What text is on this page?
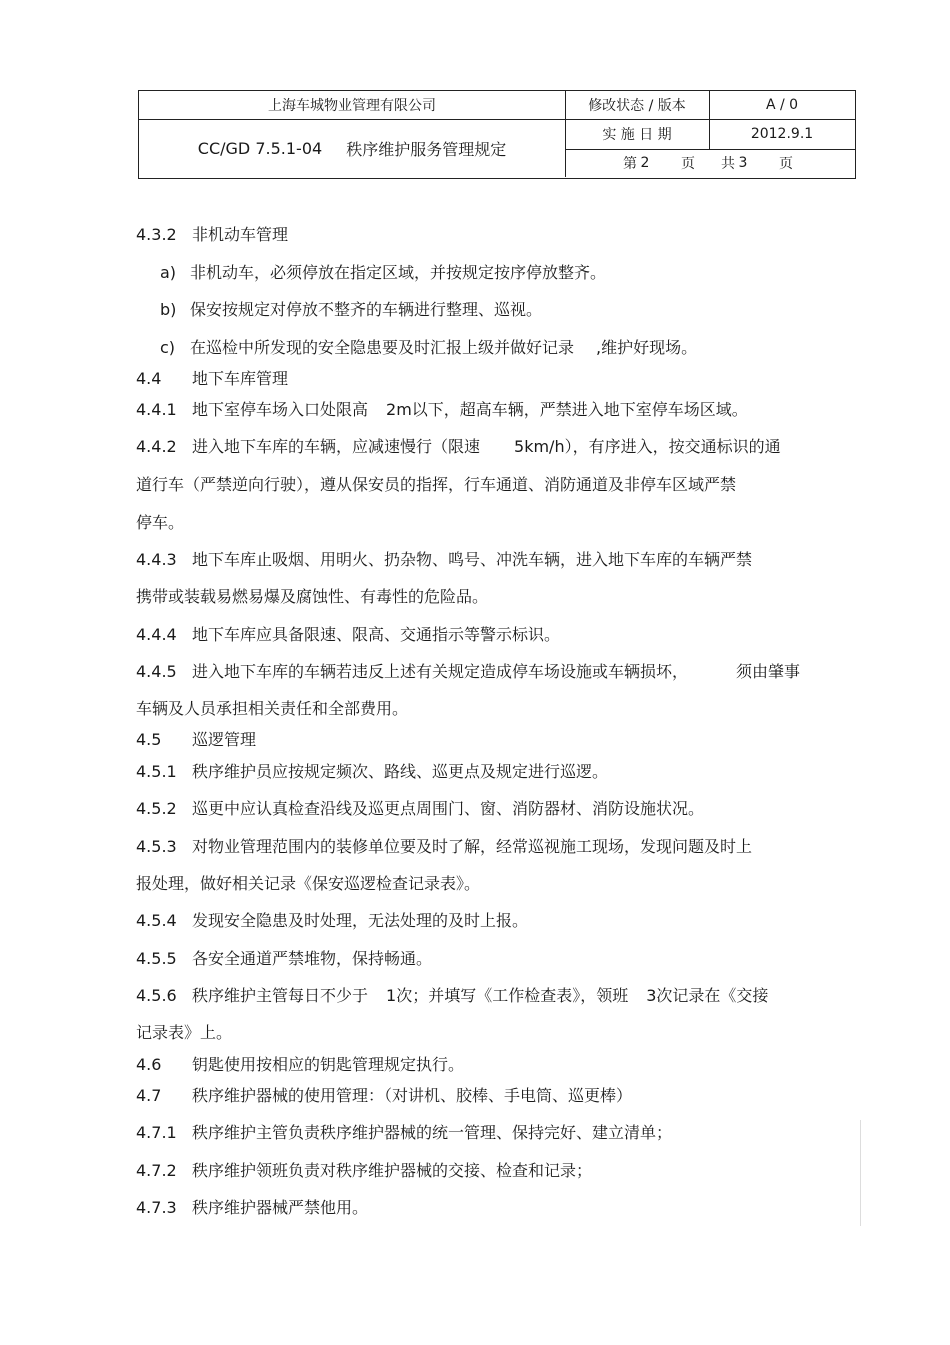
上海车城物业管理有限公司
CC/GD 7.5.1-04 秩序维护服务管理规定
修改状态 / 版本	A / 0
实 施 日 期	2012.9.1
第 2 页 共 3 页
4.3.2 非机动车管理
a) 非机动车，必须停放在指定区域，并按规定按序停放整齐。
b) 保安按规定对停放不整齐的车辆进行整理、巡视。
c) 在巡检中所发现的安全隐患要及时汇报上级并做好记录 ,维护好现场。
4.4 地下车库管理
4.4.1 地下室停车场入口处限高 2m以下，超高车辆，严禁进入地下室停车场区域。
4.4.2 进入地下车库的车辆，应减速慢行（限速 5km/h），有序进入，按交通标识的通
道行车（严禁逆向行驶），遵从保安员的指挥，行车通道、消防通道及非停车区域严禁
停车。
4.4.3 地下车库止吸烟、用明火、扔杂物、鸣号、冲洗车辆，进入地下车库的车辆严禁
携带或装载易燃易爆及腐蚀性、有毒性的危险品。
4.4.4 地下车库应具备限速、限高、交通指示等警示标识。
4.4.5 进入地下车库的车辆若违反上述有关规定造成停车场设施或车辆损坏，	须由肇事
车辆及人员承担相关责任和全部费用。
4.5 巡逻管理
4.5.1 秩序维护员应按规定频次、路线、巡更点及规定进行巡逻。
4.5.2 巡更中应认真检查沿线及巡更点周围门、窗、消防器材、消防设施状况。
4.5.3 对物业管理范围内的装修单位要及时了解，经常巡视施工现场，发现问题及时上
报处理，做好相关记录《保安巡逻检查记录表》。
4.5.4 发现安全隐患及时处理，无法处理的及时上报。
4.5.5 各安全通道严禁堆物，保持畅通。
4.5.6 秩序维护主管每日不少于 1次；并填写《工作检查表》，领班 3次记录在《交接
记录表》上。
4.6 钥匙使用按相应的钥匙管理规定执行。
4.7 秩序维护器械的使用管理：（对讲机、胶棒、手电筒、巡更棒）
4.7.1 秩序维护主管负责秩序维护器械的统一管理、保持完好、建立清单；
4.7.2 秩序维护领班负责对秩序维护器械的交接、检查和记录；
4.7.3 秩序维护器械严禁他用。
